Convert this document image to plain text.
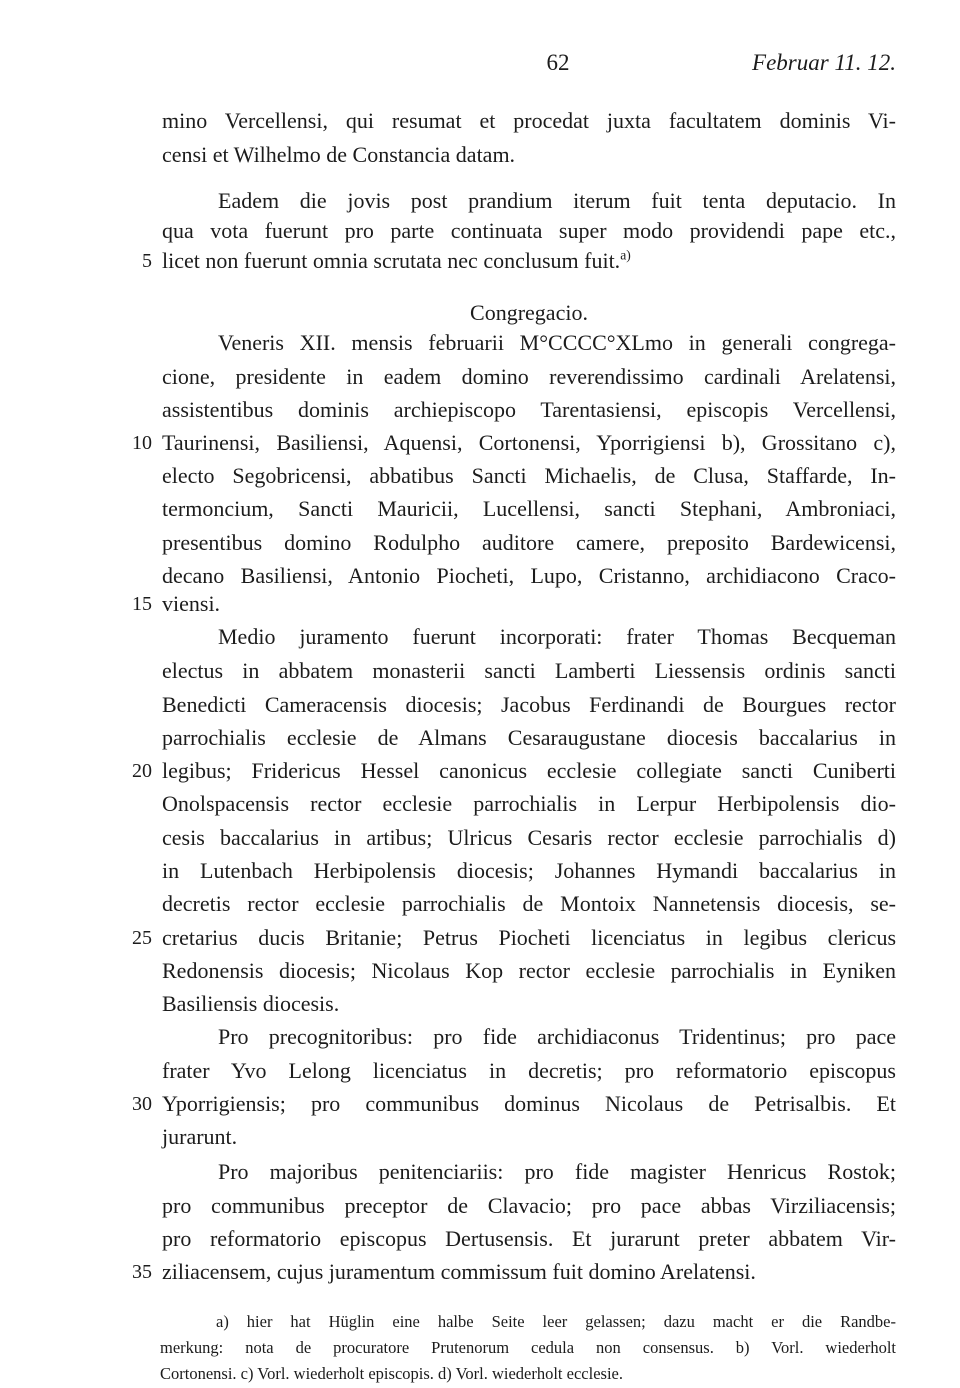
62	Februar 11. 12.
mino Vercellensi, qui resumat et procedat juxta facultatem dominis Vi-
censi et Wilhelmo de Constancia datam.
Eadem die jovis post prandium iterum fuit tenta deputacio. In
qua vota fuerunt pro parte continuata super modo providendi pape etc.,
licet non fuerunt omnia scrutata nec conclusum fuit.$^{a)}$
Congregacio.
Veneris XII. mensis februarii M°CCCC°XLmo in generali congrega-
cione, presidente in eadem domino reverendissimo cardinali Arelatensi,
assistentibus dominis archiepiscopo Tarentasiensi, episcopis Vercellensi,
Taurinensi, Basiliensi, Aquensi, Cortonensi, Yporrigiensi b), Grossitano c),
electo Segobricensi, abbatibus Sancti Michaelis, de Clusa, Staffarde, In-
termoncium, Sancti Mauricii, Lucellensi, sancti Stephani, Ambroniaci,
presentibus domino Rodulpho auditore camere, preposito Bardewicensi,
decano Basiliensi, Antonio Piocheti, Lupo, Cristanno, archidiacono Craco-
viensi.
Medio juramento fuerunt incorporati: frater Thomas Becqueman
electus in abbatem monasterii sancti Lamberti Liessensis ordinis sancti
Benedicti Cameracensis diocesis; Jacobus Ferdinandi de Bourgues rector
parrochialis ecclesie de Almans Cesaraugustane diocesis baccalarius in
legibus; Fridericus Hessel canonicus ecclesie collegiate sancti Cuniberti
Onolspacensis rector ecclesie parrochialis in Lerpur Herbipolensis dio-
cesis baccalarius in artibus; Ulricus Cesaris rector ecclesie parrochialis d)
in Lutenbach Herbipolensis diocesis; Johannes Hymandi baccalarius in
decretis rector ecclesie parrochialis de Montoix Nannetensis diocesis, se-
cretarius ducis Britanie; Petrus Piocheti licenciatus in legibus clericus
Redonensis diocesis; Nicolaus Kop rector ecclesie parrochialis in Eyniken
Basiliensis diocesis.
Pro precognitoribus: pro fide archidiaconus Tridentinus; pro pace
frater Yvo Lelong licenciatus in decretis; pro reformatorio episcopus
Yporrigiensis; pro communibus dominus Nicolaus de Petrisalbis. Et
jurarunt.
Pro majoribus penitenciariis: pro fide magister Henricus Rostok;
pro communibus preceptor de Clavacio; pro pace abbas Virziliacensis;
pro reformatorio episcopus Dertusensis. Et jurarunt preter abbatem Vir-
ziliacensem, cujus juramentum commissum fuit domino Arelatensi.
5
10
15
20
25
30
35
a) hier hat Hüglin eine halbe Seite leer gelassen; dazu macht er die Randbe-
merkung: nota de procuratore Prutenorum cedula non consensus. b) Vorl. wiederholt
Cortonensi. c) Vorl. wiederholt episcopis. d) Vorl. wiederholt ecclesie.
